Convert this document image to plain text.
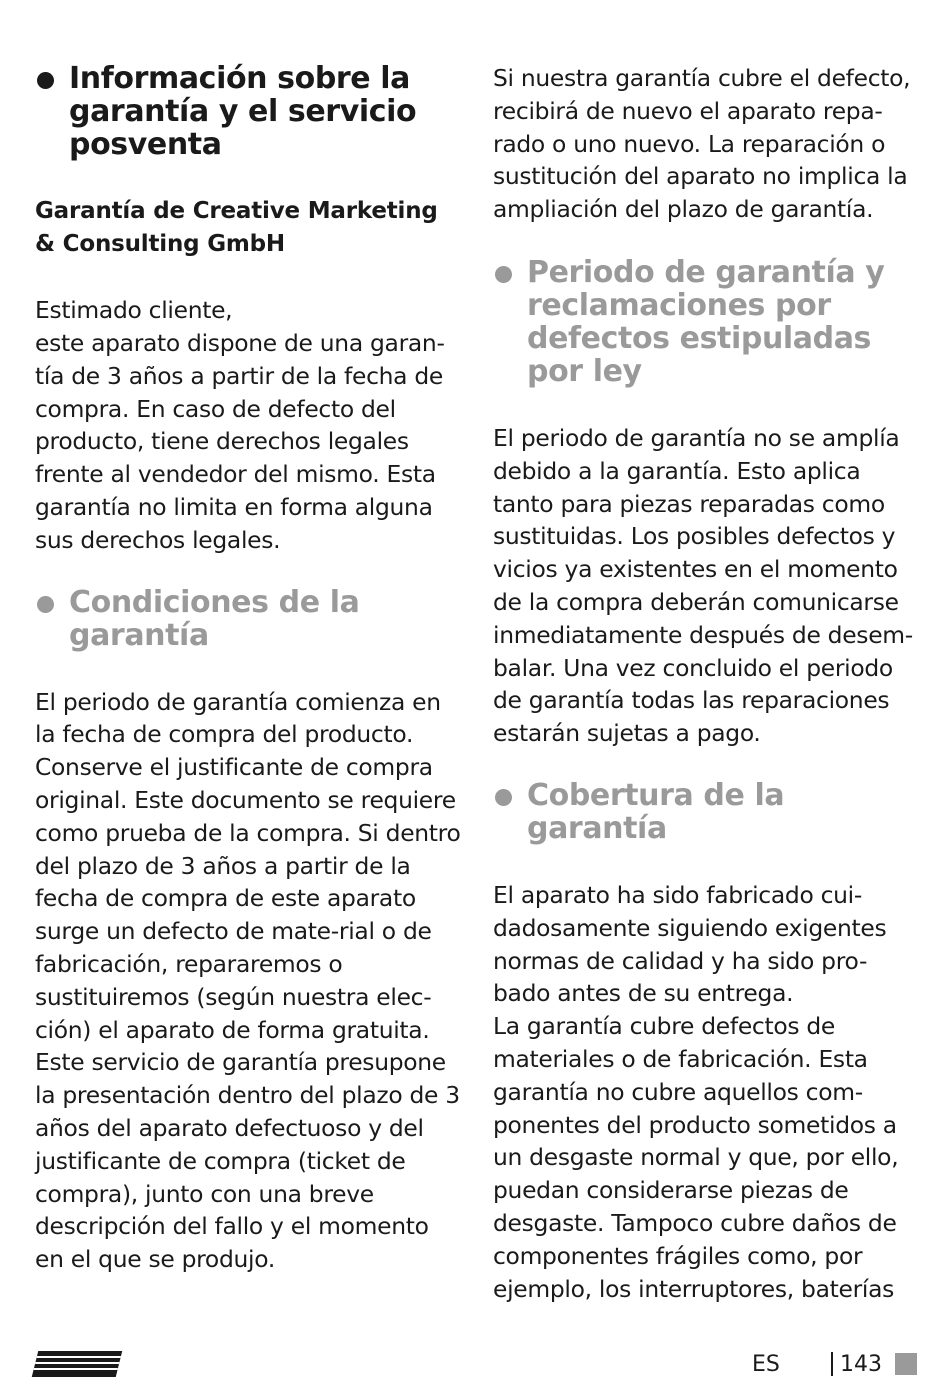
Información sobre la garantía y el servicio posventa
Garantía de Creative Marketing & Consulting GmbH

Estimado cliente,
este aparato dispone de una garan-tía de 3 años a partir de la fecha de compra. En caso de defecto del producto, tiene derechos legales frente al vendedor del mismo. Esta garantía no limita en forma alguna sus derechos legales.

Condiciones de la garantía

El periodo de garantía comienza en la fecha de compra del producto. Conserve el justificante de compra original. Este documento se requiere como prueba de la compra. Si dentro del plazo de 3 años a partir de la fecha de compra de este aparato surge un defecto de mate-rial o de fabricación, repararemos o sustituiremos (según nuestra elec-ción) el aparato de forma gratuita. Este servicio de garantía presupone la presentación dentro del plazo de 3 años del aparato defectuoso y del justificante de compra (ticket de compra), junto con una breve descripción del fallo y el momento en el que se produjo.

Si nuestra garantía cubre el defecto, recibirá de nuevo el aparato repa-rado o uno nuevo. La reparación o sustitución del aparato no implica la ampliación del plazo de garantía.

Periodo de garantía y reclamaciones por defectos estipuladas por ley

El periodo de garantía no se amplía debido a la garantía. Esto aplica tanto para piezas reparadas como sustituidas. Los posibles defectos y vicios ya existentes en el momento de la compra deberán comunicarse inmediatamente después de desem-balar. Una vez concluido el periodo de garantía todas las reparaciones estarán sujetas a pago.

Cobertura de la garantía

El aparato ha sido fabricado cui-dadosamente siguiendo exigentes normas de calidad y ha sido pro-bado antes de su entrega.
La garantía cubre defectos de materiales o de fabricación. Esta garantía no cubre aquellos com-ponentes del producto sometidos a un desgaste normal y que, por ello, puedan considerarse piezas de desgaste. Tampoco cubre daños de componentes frágiles como, por ejemplo, los interruptores, baterías

ES	143
